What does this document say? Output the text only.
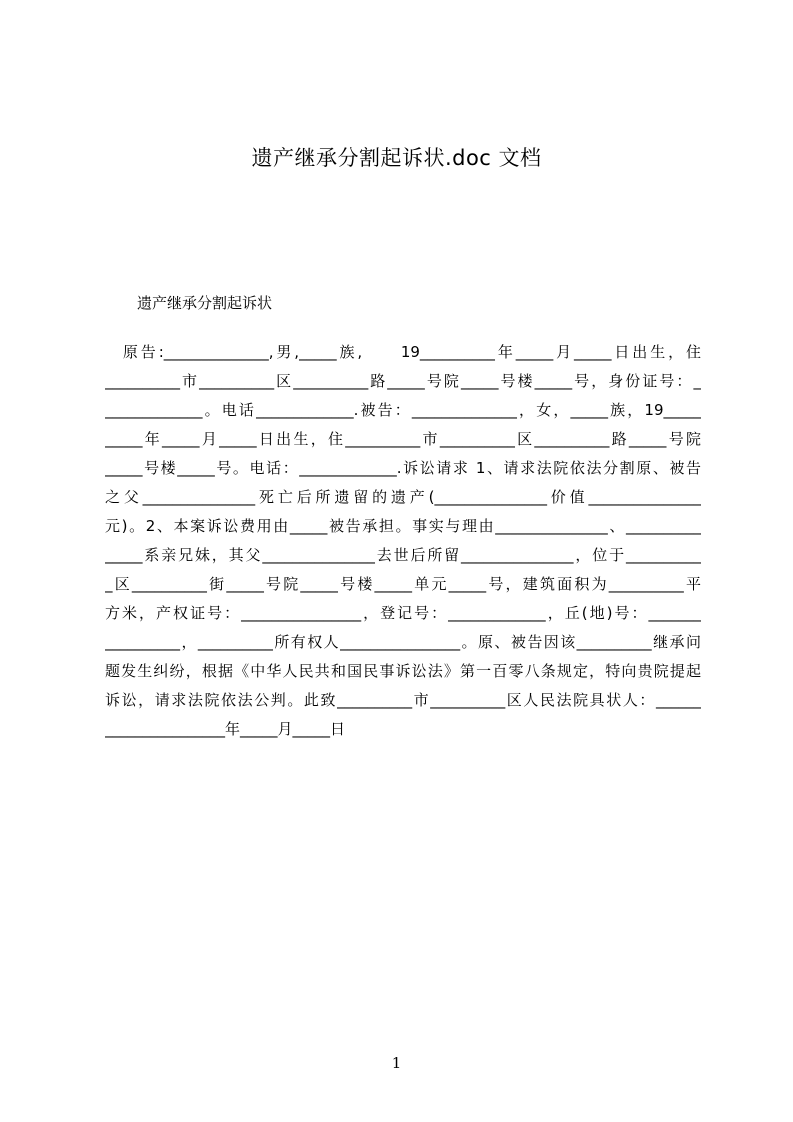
遗产继承分割起诉状.doc 文档
遗产继承分割起诉状
　原告:______________,男,_____族,　　19__________年_____月_____日出生，住
__________市__________区__________路_____号院_____号楼_____号，身份证号：_
_____________。电话_____________.被告：______________，女，_____族，19_____
_____年_____月_____日出生，住__________市__________区__________路_____号院
_____号楼_____号。电话：_____________.诉讼请求 1、请求法院依法分割原、被告
之父_______________死亡后所遗留的遗产(_______________价值_______________
元)。2、本案诉讼费用由_____被告承担。事实与理由_______________、__________
_____系亲兄妹，其父_______________去世后所留_______________，位于__________
_区__________街_____号院_____号楼_____单元_____号，建筑面积为__________平
方米，产权证号：________________，登记号：_____________，丘(地)号：_______
__________，__________所有权人________________。原、被告因该__________继承问
题发生纠纷，根据《中华人民共和国民事诉讼法》第一百零八条规定，特向贵院提起
诉讼，请求法院依法公判。此致__________市__________区人民法院具状人：______
________________年_____月_____日
1
